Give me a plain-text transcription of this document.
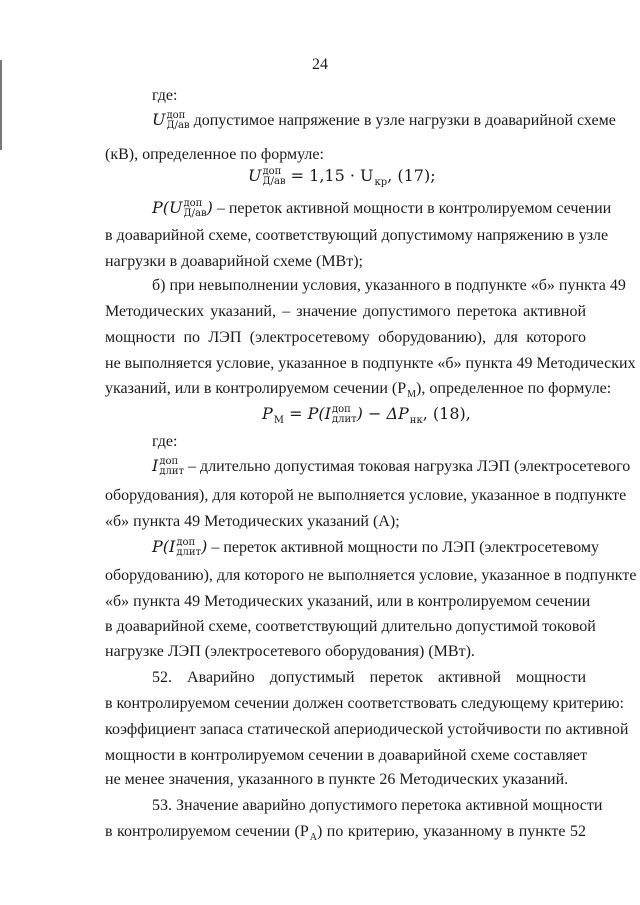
24
где:
U доп
Д/ав допустимое напряжение в узле нагрузки в доаварийной схеме
(кВ), определенное по формуле:
U доп
Д/ав = 1,15 · U кр , (17);
P(U доп
Д/ав ) – переток активной мощности в контролируемом сечении
в доаварийной схеме, соответствующий допустимому напряжению в узле
нагрузки в доаварийной схеме (МВт);
б) при невыполнении условия, указанного в подпункте «б» пункта 49
Методических указаний, – значение допустимого перетока активной
мощности по ЛЭП (электросетевому оборудованию), для которого
не выполняется условие, указанное в подпункте «б» пункта 49 Методических
указаний, или в контролируемом сечении (P М ), определенное по формуле:
P М = P(I доп
длит ) − ΔP нк , (18),
где:
I доп
длит – длительно допустимая токовая нагрузка ЛЭП (электросетевого
оборудования), для которой не выполняется условие, указанное в подпункте
«б» пункта 49 Методических указаний (А);
P(I доп
длит ) – переток активной мощности по ЛЭП (электросетевому
оборудованию), для которого не выполняется условие, указанное в подпункте
«б» пункта 49 Методических указаний, или в контролируемом сечении
в доаварийной схеме, соответствующий длительно допустимой токовой
нагрузке ЛЭП (электросетевого оборудования) (МВт).
52. Аварийно допустимый переток активной мощности
в контролируемом сечении должен соответствовать следующему критерию:
коэффициент запаса статической апериодической устойчивости по активной
мощности в контролируемом сечении в доаварийной схеме составляет
не менее значения, указанного в пункте 26 Методических указаний.
53. Значение аварийно допустимого перетока активной мощности
в контролируемом сечении (P А ) по критерию, указанному в пункте 52
